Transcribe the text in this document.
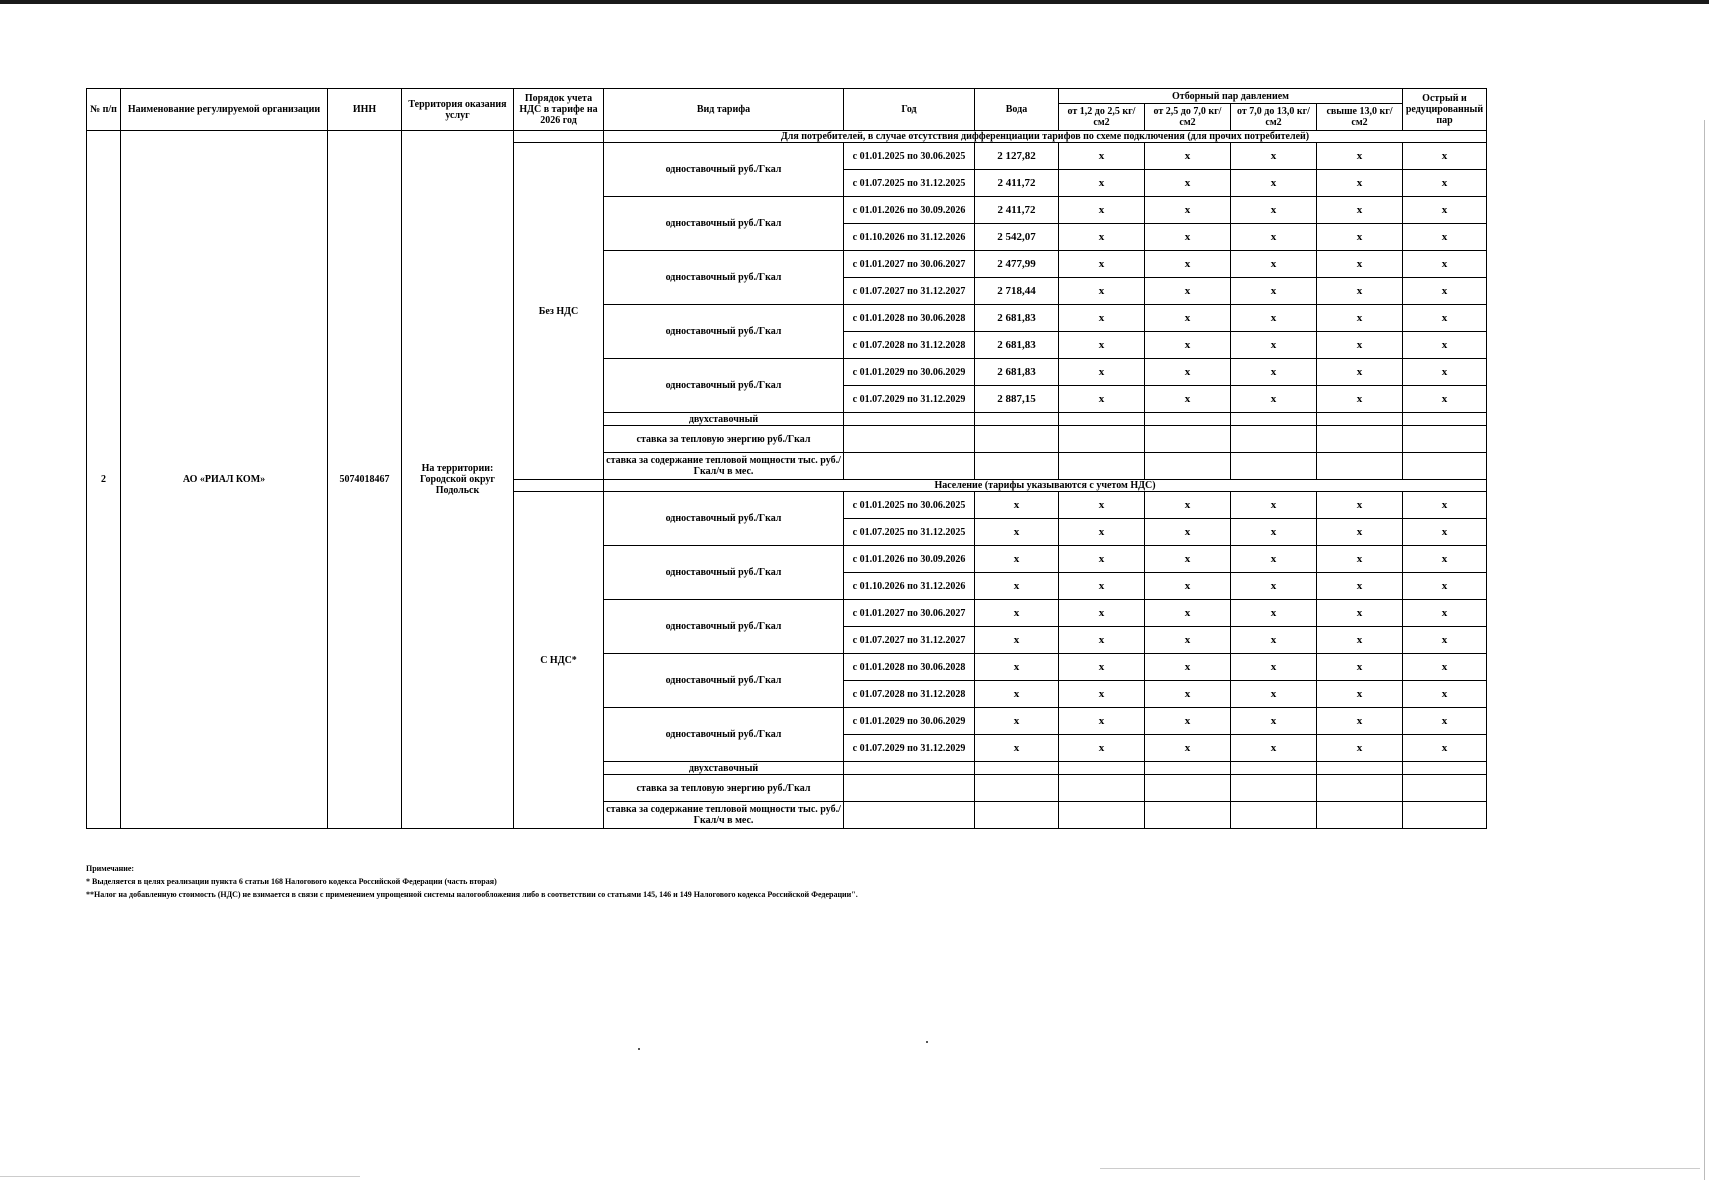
№ п/п	Наименование регулируемой организации	ИНН	Территория оказания услуг	Порядок учета НДС в тарифе на 2026 год	Вид тарифа	Год	Вода	Отборный пар давлением				Острый и редуцированный пар
								от 1,2 до 2,5 кг/см2	от 2,5 до 7,0 кг/см2	от 7,0 до 13,0 кг/см2	свыше 13,0 кг/см2	
2	АО «РИАЛ КОМ»	5074018467	На территории: Городской округ Подольск		Для потребителей, в случае отсутствия дифференциации тарифов по схеме подключения (для прочих потребителей)							
				Без НДС	одноставочный руб./Гкал	с 01.01.2025 по 30.06.2025	2 127,82	x	x	x	x	x
						с 01.07.2025 по 31.12.2025	2 411,72	x	x	x	x	x
					одноставочный руб./Гкал	с 01.01.2026 по 30.09.2026	2 411,72	x	x	x	x	x
						с 01.10.2026 по 31.12.2026	2 542,07	x	x	x	x	x
					одноставочный руб./Гкал	с 01.01.2027 по 30.06.2027	2 477,99	x	x	x	x	x
						с 01.07.2027 по 31.12.2027	2 718,44	x	x	x	x	x
					одноставочный руб./Гкал	с 01.01.2028 по 30.06.2028	2 681,83	x	x	x	x	x
						с 01.07.2028 по 31.12.2028	2 681,83	x	x	x	x	x
					одноставочный руб./Гкал	с 01.01.2029 по 30.06.2029	2 681,83	x	x	x	x	x
						с 01.07.2029 по 31.12.2029	2 887,15	x	x	x	x	x
					двухставочный							
					ставка за тепловую энергию руб./Гкал							
					ставка за содержание тепловой мощности тыс. руб./Гкал/ч в мес.							
					Население (тарифы указываются с учетом НДС)							
				С НДС*	одноставочный руб./Гкал	с 01.01.2025 по 30.06.2025	x	x	x	x	x	x
						с 01.07.2025 по 31.12.2025	x	x	x	x	x	x
					одноставочный руб./Гкал	с 01.01.2026 по 30.09.2026	x	x	x	x	x	x
						с 01.10.2026 по 31.12.2026	x	x	x	x	x	x
					одноставочный руб./Гкал	с 01.01.2027 по 30.06.2027	x	x	x	x	x	x
						с 01.07.2027 по 31.12.2027	x	x	x	x	x	x
					одноставочный руб./Гкал	с 01.01.2028 по 30.06.2028	x	x	x	x	x	x
						с 01.07.2028 по 31.12.2028	x	x	x	x	x	x
					одноставочный руб./Гкал	с 01.01.2029 по 30.06.2029	x	x	x	x	x	x
						с 01.07.2029 по 31.12.2029	x	x	x	x	x	x
					двухставочный							
					ставка за тепловую энергию руб./Гкал							
					ставка за содержание тепловой мощности тыс. руб./Гкал/ч в мес.							
Примечание:
* Выделяется в целях реализации пункта 6 статьи 168 Налогового кодекса Российской Федерации (часть вторая)
**Налог на добавленную стоимость (НДС) не взимается в связи с применением упрощенной системы налогообложения либо в соответствии со статьями 145, 146 и 149 Налогового кодекса Российской Федерации".
